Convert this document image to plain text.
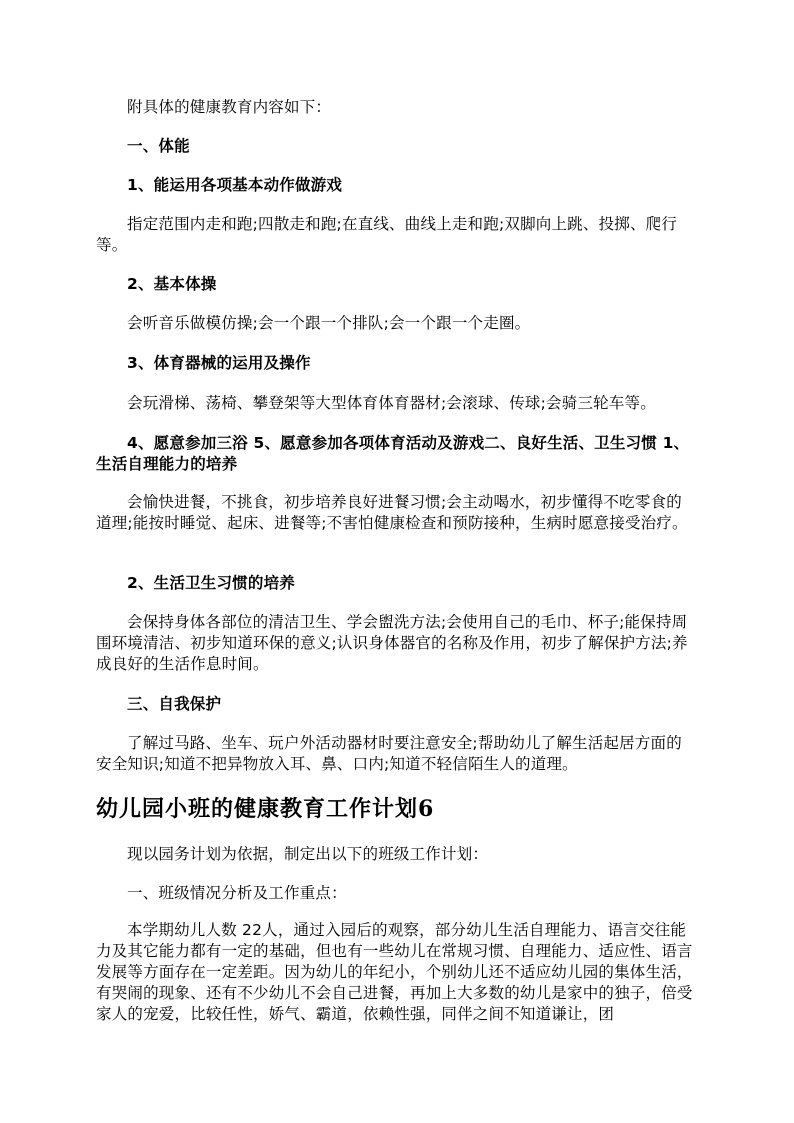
附具体的健康教育内容如下：

一、体能

1、能运用各项基本动作做游戏

指定范围内走和跑;四散走和跑;在直线、曲线上走和跑;双脚向上跳、投掷、爬行等。

2、基本体操

会听音乐做模仿操;会一个跟一个排队;会一个跟一个走圈。

3、体育器械的运用及操作

会玩滑梯、荡椅、攀登架等大型体育体育器材;会滚球、传球;会骑三轮车等。

4、愿意参加三浴 5、愿意参加各项体育活动及游戏二、良好生活、卫生习惯 1、生活自理能力的培养

会愉快进餐，不挑食，初步培养良好进餐习惯;会主动喝水，初步懂得不吃零食的道理;能按时睡觉、起床、进餐等;不害怕健康检查和预防接种，生病时愿意接受治疗。

2、生活卫生习惯的培养

会保持身体各部位的清洁卫生、学会盥洗方法;会使用自己的毛巾、杯子;能保持周围环境清洁、初步知道环保的意义;认识身体器官的名称及作用，初步了解保护方法;养成良好的生活作息时间。

三、自我保护

了解过马路、坐车、玩户外活动器材时要注意安全;帮助幼儿了解生活起居方面的安全知识;知道不把异物放入耳、鼻、口内;知道不轻信陌生人的道理。

幼儿园小班的健康教育工作计划6

现以园务计划为依据，制定出以下的班级工作计划：

一、班级情况分析及工作重点：

本学期幼儿人数 22人，通过入园后的观察，部分幼儿生活自理能力、语言交往能力及其它能力都有一定的基础，但也有一些幼儿在常规习惯、自理能力、适应性、语言发展等方面存在一定差距。因为幼儿的年纪小，个别幼儿还不适应幼儿园的集体生活，有哭闹的现象、还有不少幼儿不会自己进餐，再加上大多数的幼儿是家中的独子，倍受家人的宠爱，比较任性，娇气、霸道，依赖性强，同伴之间不知道谦让，团
